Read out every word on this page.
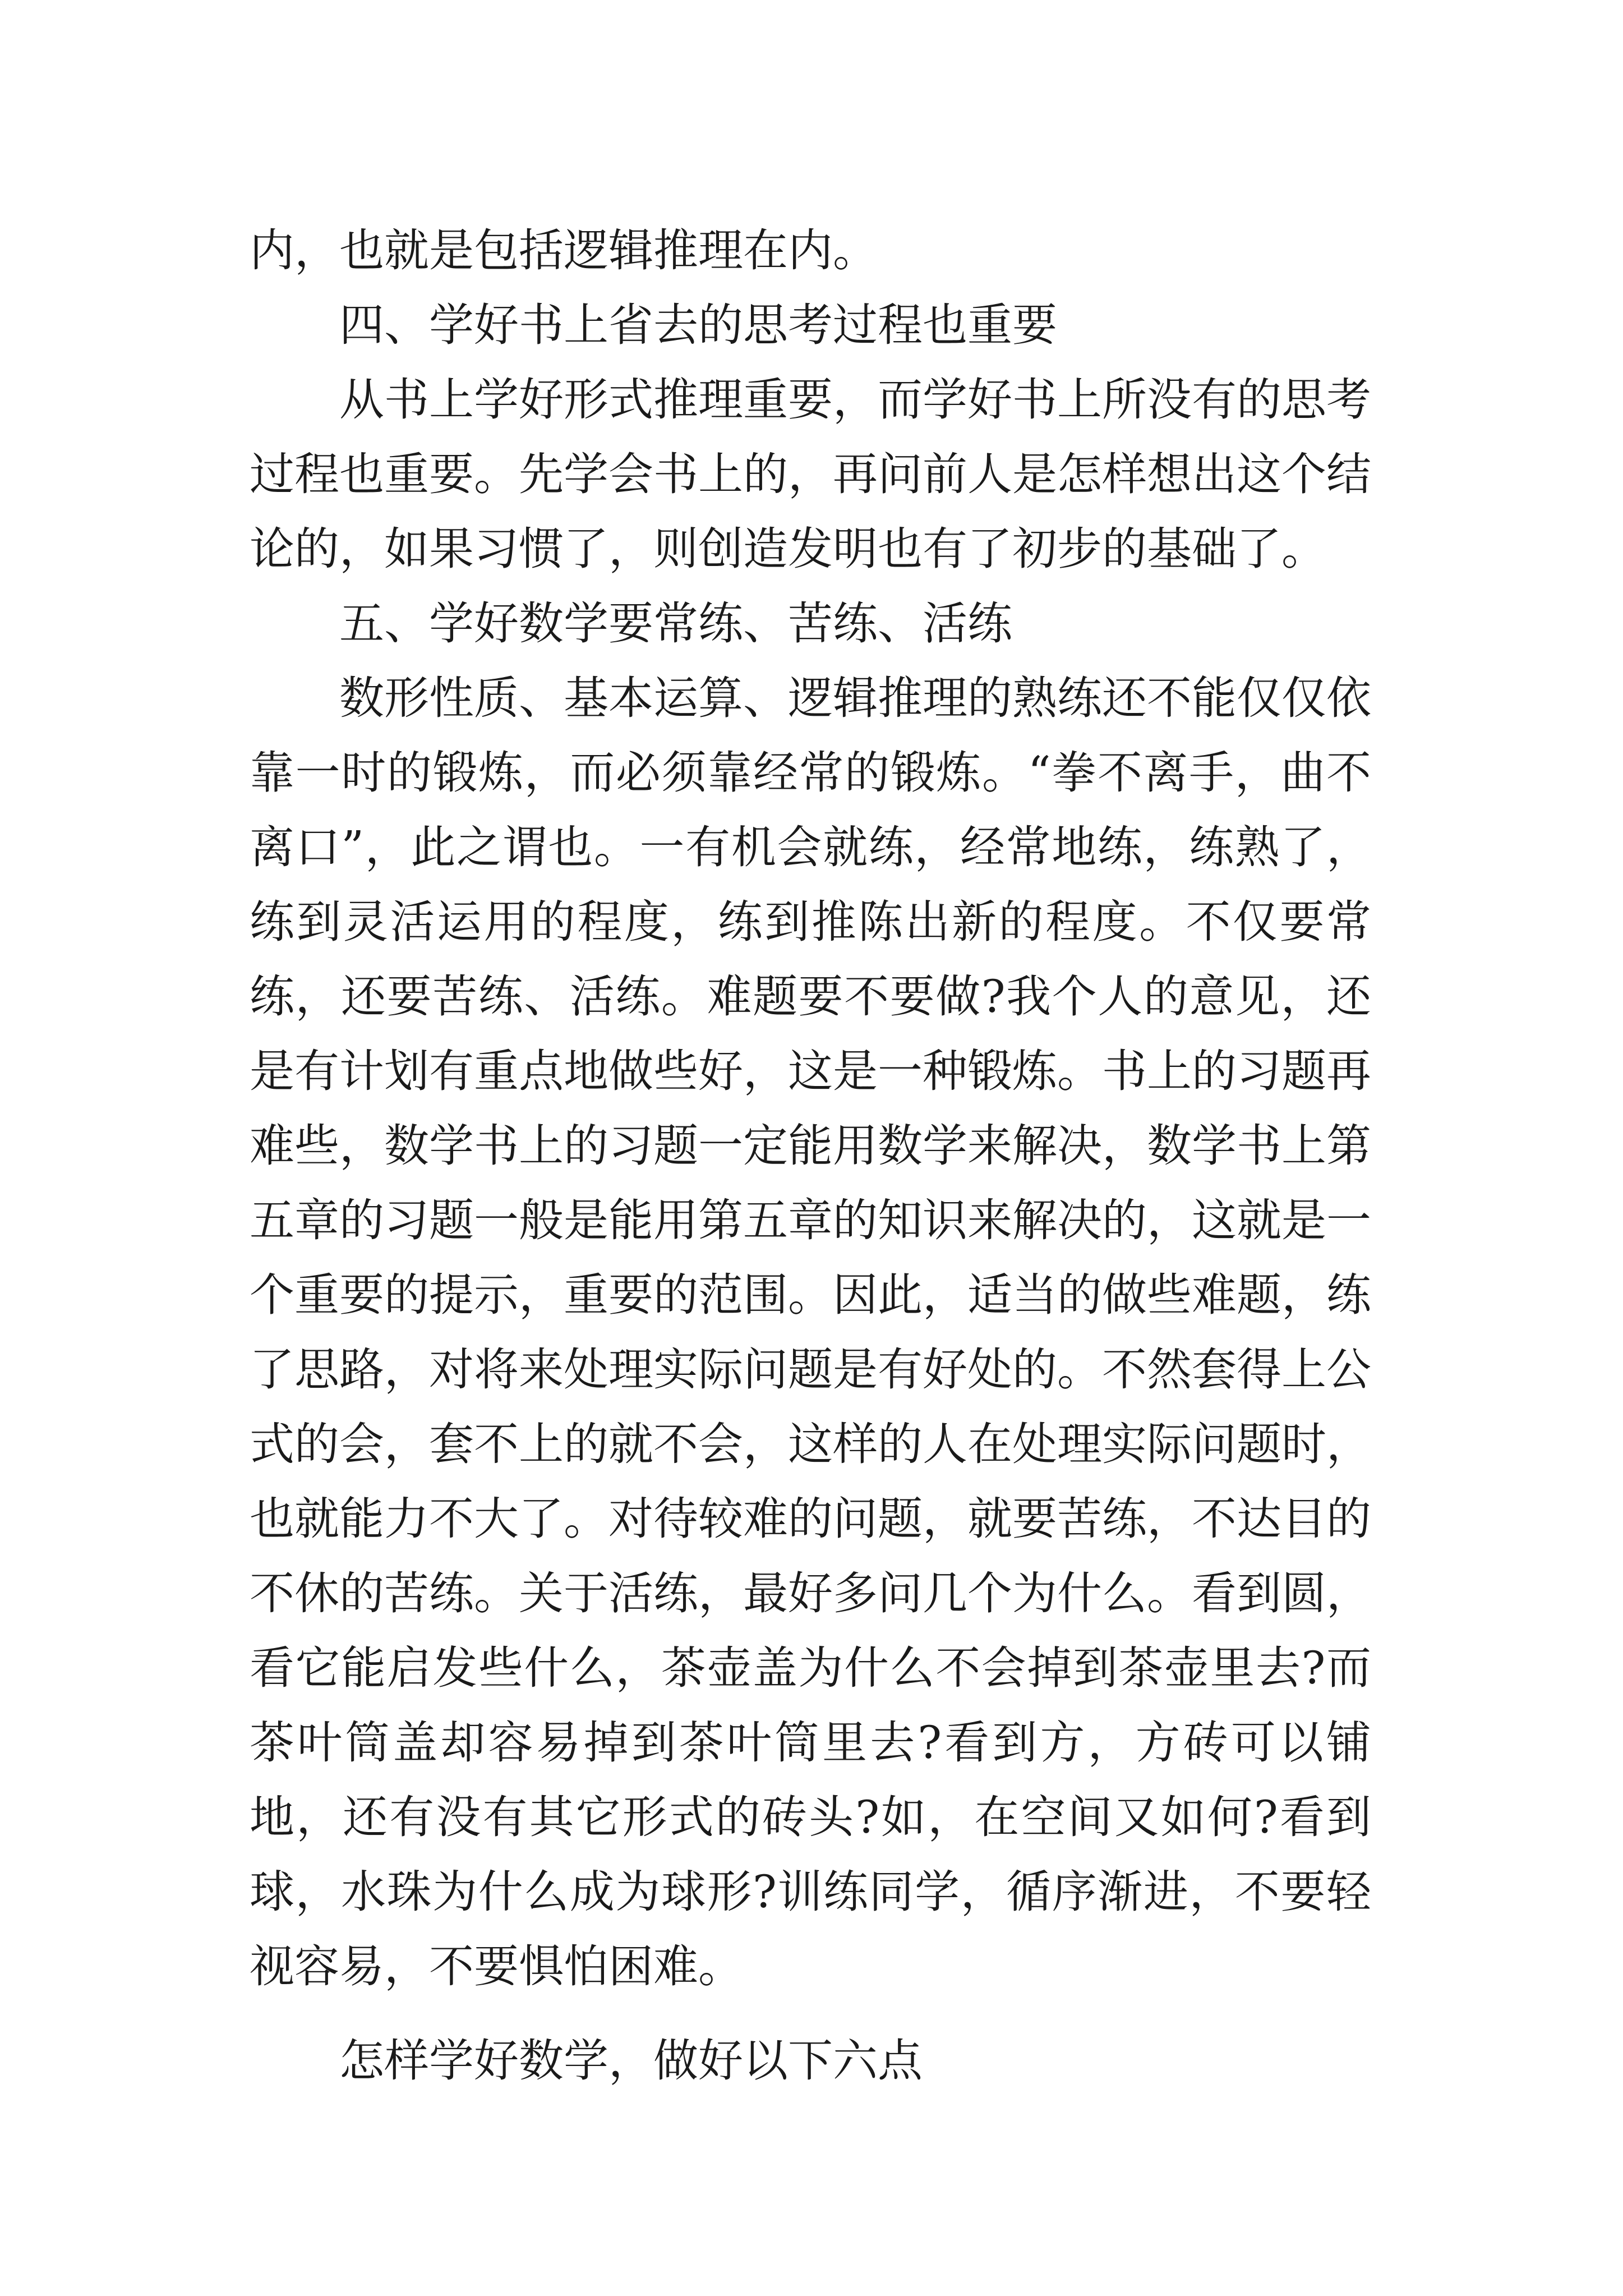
内，也就是包括逻辑推理在内。

四、学好书上省去的思考过程也重要

从书上学好形式推理重要，而学好书上所没有的思考过程也重要。先学会书上的，再问前人是怎样想出这个结论的，如果习惯了，则创造发明也有了初步的基础了。

五、学好数学要常练、苦练、活练

数形性质、基本运算、逻辑推理的熟练还不能仅仅依靠一时的锻炼，而必须靠经常的锻炼。“拳不离手，曲不离口”，此之谓也。一有机会就练，经常地练，练熟了，练到灵活运用的程度，练到推陈出新的程度。不仅要常练，还要苦练、活练。难题要不要做?我个人的意见，还是有计划有重点地做些好，这是一种锻炼。书上的习题再难些，数学书上的习题一定能用数学来解决，数学书上第五章的习题一般是能用第五章的知识来解决的，这就是一个重要的提示，重要的范围。因此，适当的做些难题，练了思路，对将来处理实际问题是有好处的。不然套得上公式的会，套不上的就不会，这样的人在处理实际问题时，也就能力不大了。对待较难的问题，就要苦练，不达目的不休的苦练。关于活练，最好多问几个为什么。看到圆，看它能启发些什么，茶壶盖为什么不会掉到茶壶里去?而茶叶筒盖却容易掉到茶叶筒里去?看到方，方砖可以铺地，还有没有其它形式的砖头?如，在空间又如何?看到球，水珠为什么成为球形?训练同学，循序渐进，不要轻视容易，不要惧怕困难。

怎样学好数学，做好以下六点
